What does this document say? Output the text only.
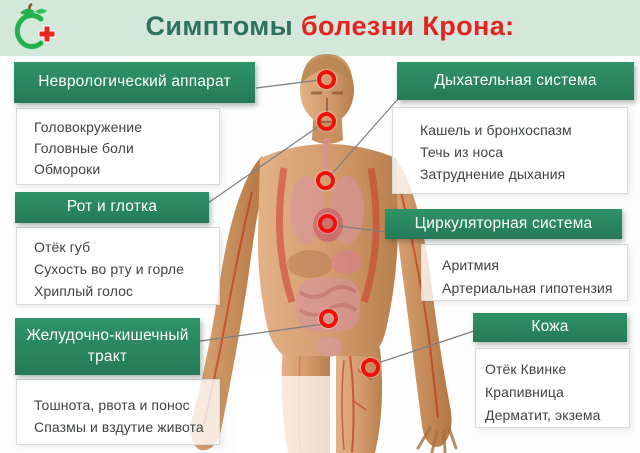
Симптомы болезни Крона:
Неврологический аппарат
Головокружение
Головные боли
Обмороки
Рот и глотка
Отёк губ
Сухость во рту и горле
Хриплый голос
Желудочно-кишечный тракт
Тошнота, рвота и понос
Спазмы и вздутие живота
Дыхательная система
Кашель и бронхоспазм
Течь из носа
Затруднение дыхания
Циркуляторная система
Аритмия
Артериальная гипотензия
Кожа
Отёк Квинке
Крапивница
Дерматит, экзема
